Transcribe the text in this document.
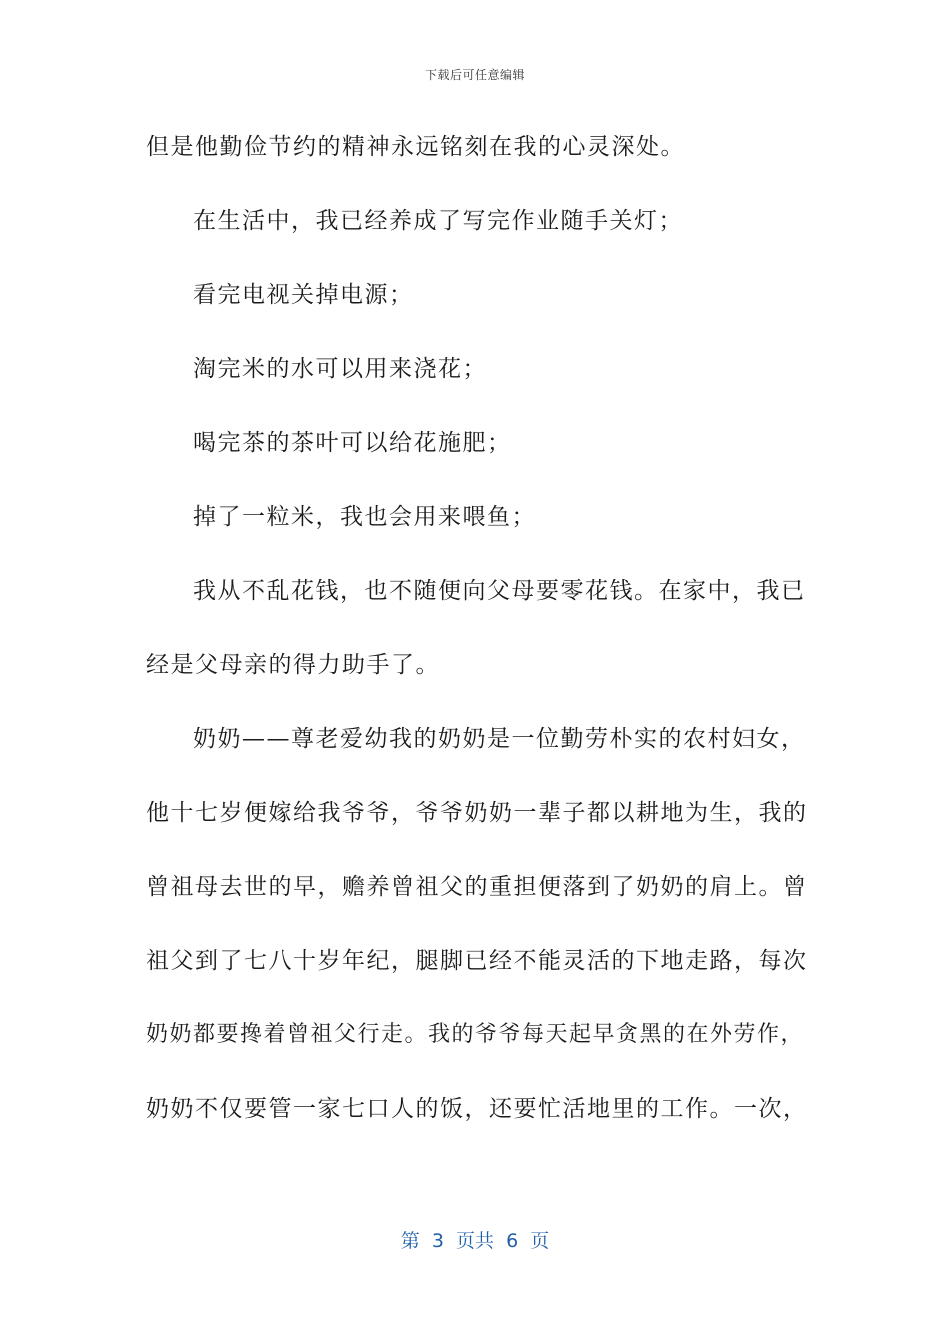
下载后可任意编辑
但是他勤俭节约的精神永远铭刻在我的心灵深处。
在生活中，我已经养成了写完作业随手关灯；
看完电视关掉电源；
淘完米的水可以用来浇花；
喝完茶的茶叶可以给花施肥；
掉了一粒米，我也会用来喂鱼；
我从不乱花钱，也不随便向父母要零花钱。在家中，我已
经是父母亲的得力助手了。
奶奶——尊老爱幼我的奶奶是一位勤劳朴实的农村妇女，
他十七岁便嫁给我爷爷，爷爷奶奶一辈子都以耕地为生，我的
曾祖母去世的早，赡养曾祖父的重担便落到了奶奶的肩上。曾
祖父到了七八十岁年纪，腿脚已经不能灵活的下地走路，每次
奶奶都要搀着曾祖父行走。我的爷爷每天起早贪黑的在外劳作，
奶奶不仅要管一家七口人的饭，还要忙活地里的工作。一次，
第  3  页共  6  页
